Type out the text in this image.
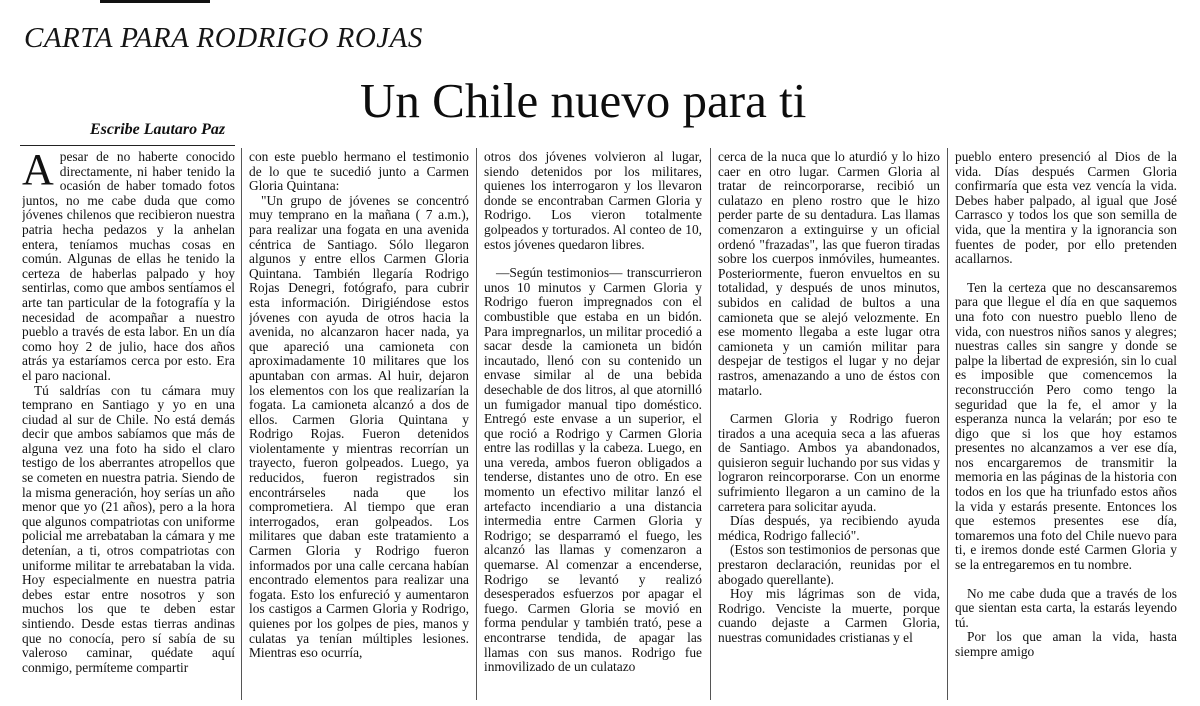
CARTA PARA RODRIGO ROJAS
Un Chile nuevo para ti
Escribe Lautaro Paz

Apesar de no haberte conocido directamente, ni haber tenido la ocasión de haber tomado fotos juntos, no me cabe duda que como jóvenes chilenos que recibieron nuestra patria hecha pedazos y la anhelan entera, teníamos muchas cosas en común. Algunas de ellas he tenido la certeza de haberlas palpado y hoy sentirlas, como que ambos sentíamos el arte tan particular de la fotografía y la necesidad de acompañar a nuestro pueblo a través de esta labor. En un día como hoy 2 de julio, hace dos años atrás ya estaríamos cerca por esto. Era el paro nacional.

Tú saldrías con tu cámara muy temprano en Santiago y yo en una ciudad al sur de Chile. No está demás decir que ambos sabíamos que más de alguna vez una foto ha sido el claro testigo de los aberrantes atropellos que se cometen en nuestra patria. Siendo de la misma generación, hoy serías un año menor que yo (21 años), pero a la hora que algunos compatriotas con uniforme policial me arrebataban la cámara y me detenían, a ti, otros compatriotas con uniforme militar te arrebataban la vida. Hoy especialmente en nuestra patria debes estar entre nosotros y son muchos los que te deben estar sintiendo. Desde estas tierras andinas que no conocía, pero sí sabía de su valeroso caminar, quédate aquí conmigo, permíteme compartir

con este pueblo hermano el testimonio de lo que te sucedió junto a Carmen Gloria Quintana:

"Un grupo de jóvenes se concentró muy temprano en la mañana ( 7 a.m.), para realizar una fogata en una avenida céntrica de Santiago. Sólo llegaron algunos y entre ellos Carmen Gloria Quintana. También llegaría Rodrigo Rojas Denegri, fotógrafo, para cubrir esta información. Dirigiéndose estos jóvenes con ayuda de otros hacia la avenida, no alcanzaron hacer nada, ya que apareció una camioneta con aproximadamente 10 militares que los apuntaban con armas. Al huir, dejaron los elementos con los que realizarían la fogata. La camioneta alcanzó a dos de ellos. Carmen Gloria Quintana y Rodrigo Rojas. Fueron detenidos violentamente y mientras recorrían un trayecto, fueron golpeados. Luego, ya reducidos, fueron registrados sin encontrárseles nada que los comprometiera. Al tiempo que eran interrogados, eran golpeados. Los militares que daban este tratamiento a Carmen Gloria y Rodrigo fueron informados por una calle cercana habían encontrado elementos para realizar una fogata. Esto los enfureció y aumentaron los castigos a Carmen Gloria y Rodrigo, quienes por los golpes de pies, manos y culatas ya tenían múltiples lesiones. Mientras eso ocurría,

otros dos jóvenes volvieron al lugar, siendo detenidos por los militares, quienes los interrogaron y los llevaron donde se encontraban Carmen Gloria y Rodrigo. Los vieron totalmente golpeados y torturados. Al conteo de 10, estos jóvenes quedaron libres.

—Según testimonios— transcurrieron unos 10 minutos y Carmen Gloria y Rodrigo fueron impregnados con el combustible que estaba en un bidón. Para impregnarlos, un militar procedió a sacar desde la camioneta un bidón incautado, llenó con su contenido un envase similar al de una bebida desechable de dos litros, al que atornilló un fumigador manual tipo doméstico. Entregó este envase a un superior, el que roció a Rodrigo y Carmen Gloria entre las rodillas y la cabeza. Luego, en una vereda, ambos fueron obligados a tenderse, distantes uno de otro. En ese momento un efectivo militar lanzó el artefacto incendiario a una distancia intermedia entre Carmen Gloria y Rodrigo; se desparramó el fuego, les alcanzó las llamas y comenzaron a quemarse. Al comenzar a encenderse, Rodrigo se levantó y realizó desesperados esfuerzos por apagar el fuego. Carmen Gloria se movió en forma pendular y también trató, pese a encontrarse tendida, de apagar las llamas con sus manos. Rodrigo fue inmovilizado de un culatazo

cerca de la nuca que lo aturdió y lo hizo caer en otro lugar. Carmen Gloria al tratar de reincorporarse, recibió un culatazo en pleno rostro que le hizo perder parte de su dentadura. Las llamas comenzaron a extinguirse y un oficial ordenó "frazadas", las que fueron tiradas sobre los cuerpos inmóviles, humeantes. Posteriormente, fueron envueltos en su totalidad, y después de unos minutos, subidos en calidad de bultos a una camioneta que se alejó velozmente. En ese momento llegaba a este lugar otra camioneta y un camión militar para despejar de testigos el lugar y no dejar rastros, amenazando a uno de éstos con matarlo.

Carmen Gloria y Rodrigo fueron tirados a una acequia seca a las afueras de Santiago. Ambos ya abandonados, quisieron seguir luchando por sus vidas y lograron reincorporarse. Con un enorme sufrimiento llegaron a un camino de la carretera para solicitar ayuda.

Días después, ya recibiendo ayuda médica, Rodrigo falleció".

(Estos son testimonios de personas que prestaron declaración, reunidas por el abogado querellante).

Hoy mis lágrimas son de vida, Rodrigo. Venciste la muerte, porque cuando dejaste a Carmen Gloria, nuestras comunidades cristianas y el

pueblo entero presenció al Dios de la vida. Días después Carmen Gloria confirmaría que esta vez vencía la vida. Debes haber palpado, al igual que José Carrasco y todos los que son semilla de vida, que la mentira y la ignorancia son fuentes de poder, por ello pretenden acallarnos.

Ten la certeza que no descansaremos para que llegue el día en que saquemos una foto con nuestro pueblo lleno de vida, con nuestros niños sanos y alegres; nuestras calles sin sangre y donde se palpe la libertad de expresión, sin lo cual es imposible que comencemos la reconstrucción Pero como tengo la seguridad que la fe, el amor y la esperanza nunca la velarán; por eso te digo que si los que hoy estamos presentes no alcanzamos a ver ese día, nos encargaremos de transmitir la memoria en las páginas de la historia con todos en los que ha triunfado estos años la vida y estarás presente. Entonces los que estemos presentes ese día, tomaremos una foto del Chile nuevo para ti, e iremos donde esté Carmen Gloria y se la entregaremos en tu nombre.

No me cabe duda que a través de los que sientan esta carta, la estarás leyendo tú.

Por los que aman la vida, hasta siempre amigo
